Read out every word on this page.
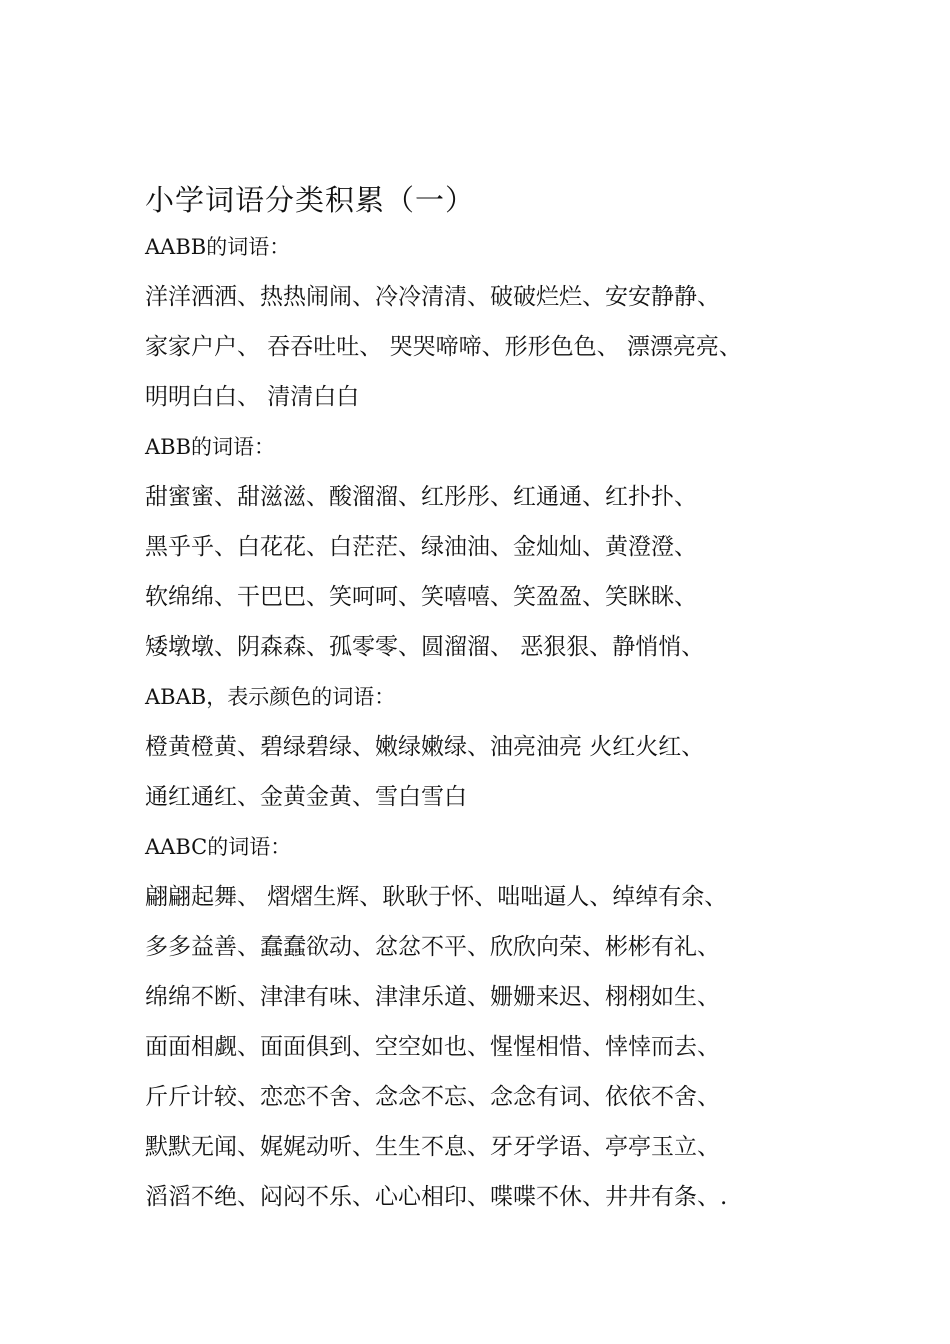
小学词语分类积累（一）
AABB的词语：
洋洋洒洒、热热闹闹、冷冷清清、破破烂烂、安安静静、
家家户户、 吞吞吐吐、 哭哭啼啼、形形色色、 漂漂亮亮、
明明白白、 清清白白
ABB的词语：
甜蜜蜜、甜滋滋、酸溜溜、红彤彤、红通通、红扑扑、
黑乎乎、白花花、白茫茫、绿油油、金灿灿、黄澄澄、
软绵绵、干巴巴、笑呵呵、笑嘻嘻、笑盈盈、笑眯眯、
矮墩墩、阴森森、孤零零、圆溜溜、 恶狠狠、静悄悄、
ABAB，表示颜色的词语：
橙黄橙黄、碧绿碧绿、嫩绿嫩绿、油亮油亮 火红火红、
通红通红、金黄金黄、雪白雪白
AABC的词语：
翩翩起舞、 熠熠生辉、耿耿于怀、咄咄逼人、绰绰有余、
多多益善、蠢蠢欲动、忿忿不平、欣欣向荣、彬彬有礼、
绵绵不断、津津有味、津津乐道、姗姗来迟、栩栩如生、
面面相觑、面面俱到、空空如也、惺惺相惜、悻悻而去、
斤斤计较、恋恋不舍、念念不忘、念念有词、依依不舍、
默默无闻、娓娓动听、生生不息、牙牙学语、亭亭玉立、
滔滔不绝、闷闷不乐、心心相印、喋喋不休、井井有条、.
